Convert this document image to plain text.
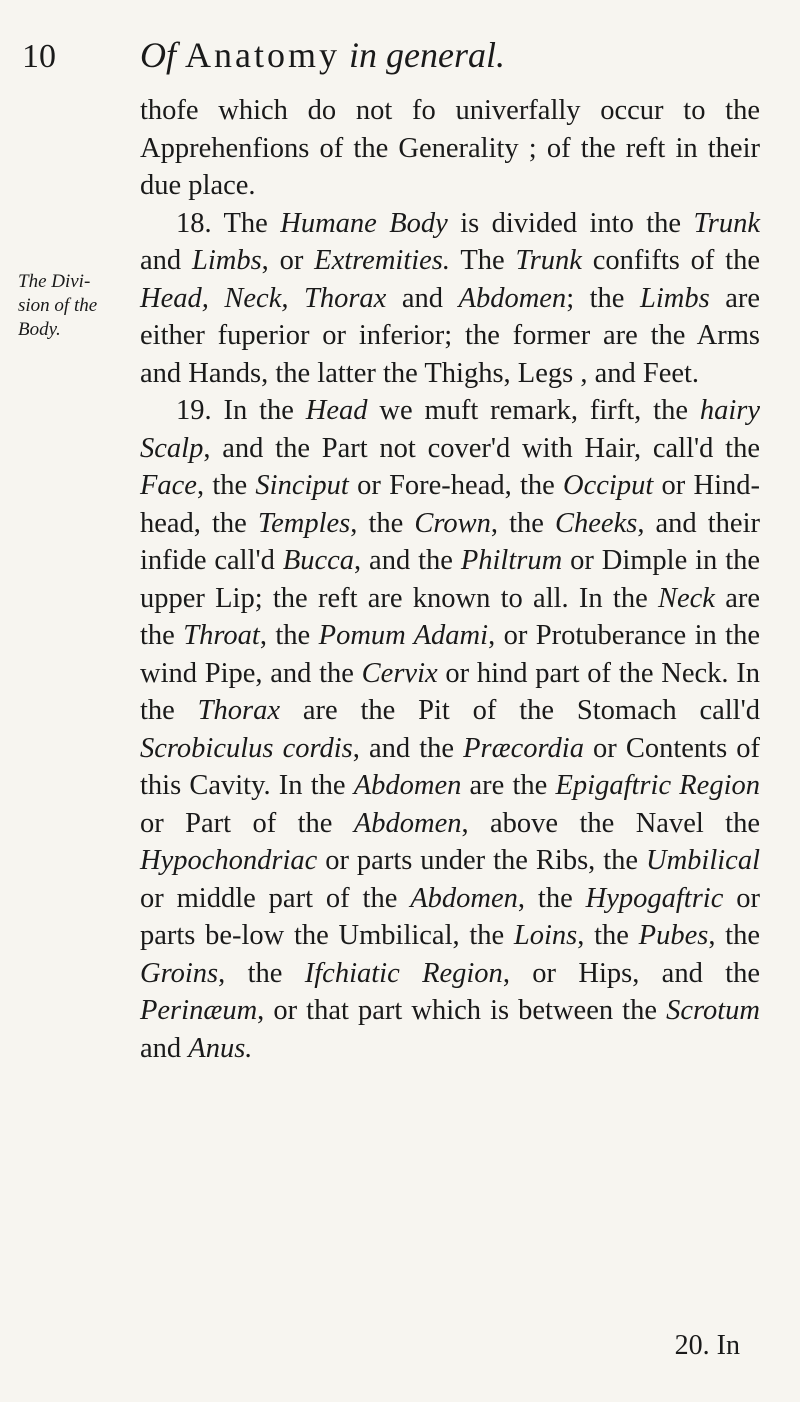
10 Of Anatomy in general.
The Divi-
sion of the
Body.

thofe which do not fo univerfally occur to the Apprehenfions of the Generality ; of the reft in their due place.

18. The Humane Body is divided into the Trunk and Limbs, or Extremities. The Trunk confifts of the Head, Neck, Thorax and Abdomen; the Limbs are either fuperior or inferior; the former are the Arms and Hands, the latter the Thighs, Legs , and Feet.

19. In the Head we muft remark, firft, the hairy Scalp, and the Part not cover'd with Hair, call'd the Face, the Sinciput or Fore-head, the Occiput or Hind-head, the Temples, the Crown, the Cheeks, and their infide call'd Bucca, and the Philtrum or Dimple in the upper Lip; the reft are known to all. In the Neck are the Throat, the Pomum Adami, or Protuberance in the wind Pipe, and the Cervix or hind part of the Neck. In the Thorax are the Pit of the Stomach call'd Scrobiculus cordis, and the Præcordia or Contents of this Cavity. In the Abdomen are the Epigaftric Region or Part of the Abdomen, above the Navel the Hypochondriac or parts under the Ribs, the Umbilical or middle part of the Abdomen, the Hypogaftric or parts be-low the Umbilical, the Loins, the Pubes, the Groins, the Ifchiatic Region, or Hips, and the Perinæum, or that part which is between the Scrotum and Anus.

20. In
